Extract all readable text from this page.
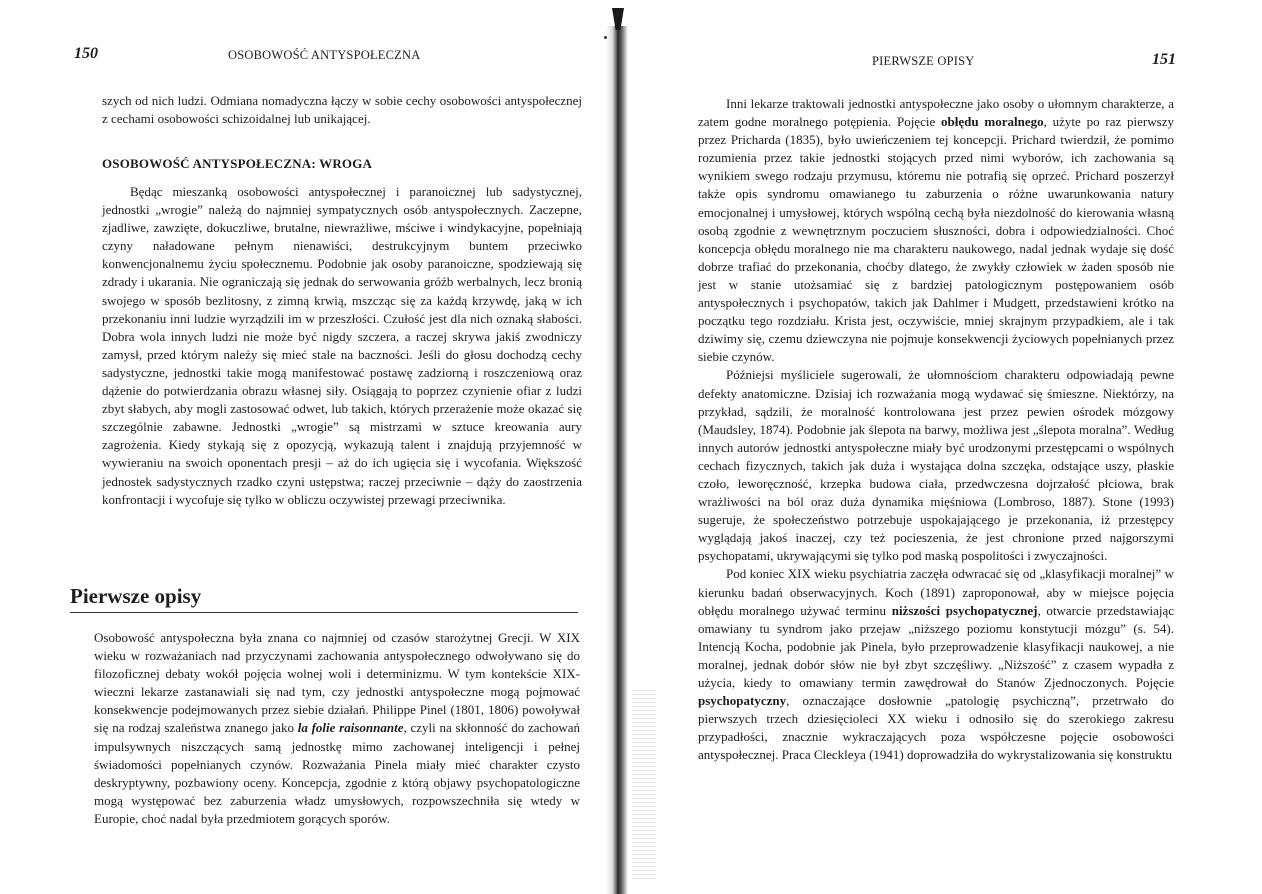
150	OSOBOWOŚĆ ANTYSPOŁECZNA

szych od nich ludzi. Odmiana nomadyczna łączy w sobie cechy osobowości antyspołecznej z cechami osobowości schizoidalnej lub unikającej.

OSOBOWOŚĆ ANTYSPOŁECZNA: WROGA

Będąc mieszanką osobowości antyspołecznej i paranoicznej lub sadystycznej, jednostki „wrogie” należą do najmniej sympatycznych osób antyspołecznych. Zaczepne, zjadliwe, zawzięte, dokuczliwe, brutalne, niewrażliwe, mściwe i windykacyjne, popełniają czyny naładowane pełnym nienawiści, destrukcyjnym buntem przeciwko konwencjonalnemu życiu społecznemu. Podobnie jak osoby paranoiczne, spodziewają się zdrady i ukarania. Nie ograniczają się jednak do serwowania gróźb werbalnych, lecz bronią swojego w sposób bezlitosny, z zimną krwią, mszcząc się za każdą krzywdę, jaką w ich przekonaniu inni ludzie wyrządzili im w przeszłości. Czułość jest dla nich oznaką słabości. Dobra wola innych ludzi nie może być nigdy szczera, a raczej skrywa jakiś zwodniczy zamysł, przed którym należy się mieć stale na baczności. Jeśli do głosu dochodzą cechy sadystyczne, jednostki takie mogą manifestować postawę zadziorną i roszczeniową oraz dążenie do potwierdzania obrazu własnej siły. Osiągają to poprzez czynienie ofiar z ludzi zbyt słabych, aby mogli zastosować odwet, lub takich, których przerażenie może okazać się szczególnie zabawne. Jednostki „wrogie” są mistrzami w sztuce kreowania aury zagrożenia. Kiedy stykają się z opozycją, wykazują talent i znajdują przyjemność w wywieraniu na swoich oponentach presji – aż do ich ugięcia się i wycofania. Większość jednostek sadystycznych rzadko czyni ustępstwa; raczej przeciwnie – dąży do zaostrzenia konfrontacji i wycofuje się tylko w obliczu oczywistej przewagi przeciwnika.

Pierwsze opisy

Osobowość antyspołeczna była znana co najmniej od czasów starożytnej Grecji. W XIX wieku w rozważaniach nad przyczynami zachowania antyspołecznego odwoływano się do filozoficznej debaty wokół pojęcia wolnej woli i determinizmu. W tym kontekście XIX-wieczni lekarze zastanawiali się nad tym, czy jednostki antyspołeczne mogą pojmować konsekwencje podejmowanych przez siebie działań. Philippe Pinel (1801, 1806) powoływał się na rodzaj szaleństwa znanego jako la folie raisonnante, czyli na skłonność do zachowań impulsywnych niszczących samą jednostkę mimo zachowanej inteligencji i pełnej świadomości popełnianych czynów. Rozważania Pinela miały mieć charakter czysto deskryptywny, pozbawiony oceny. Koncepcja, zgodnie z którą objawy psychopatologiczne mogą występować bez zaburzenia władz umysłowych, rozpowszechniła się wtedy w Europie, choć nadal była przedmiotem gorących sporów.

PIERWSZE OPISY	151

Inni lekarze traktowali jednostki antyspołeczne jako osoby o ułomnym charakterze, a zatem godne moralnego potępienia. Pojęcie obłędu moralnego, użyte po raz pierwszy przez Pricharda (1835), było uwieńczeniem tej koncepcji. Prichard twierdził, że pomimo rozumienia przez takie jednostki stojących przed nimi wyborów, ich zachowania są wynikiem swego rodzaju przymusu, któremu nie potrafią się oprzeć. Prichard poszerzył także opis syndromu omawianego tu zaburzenia o różne uwarunkowania natury emocjonalnej i umysłowej, których wspólną cechą była niezdolność do kierowania własną osobą zgodnie z wewnętrznym poczuciem słuszności, dobra i odpowiedzialności. Choć koncepcja obłędu moralnego nie ma charakteru naukowego, nadal jednak wydaje się dość dobrze trafiać do przekonania, choćby dlatego, że zwykły człowiek w żaden sposób nie jest w stanie utożsamiać się z bardziej patologicznym postępowaniem osób antyspołecznych i psychopatów, takich jak Dahlmer i Mudgett, przedstawieni krótko na początku tego rozdziału. Krista jest, oczywiście, mniej skrajnym przypadkiem, ale i tak dziwimy się, czemu dziewczyna nie pojmuje konsekwencji życiowych popełnianych przez siebie czynów.

Późniejsi myśliciele sugerowali, że ułomnościom charakteru odpowiadają pewne defekty anatomiczne. Dzisiaj ich rozważania mogą wydawać się śmieszne. Niektórzy, na przykład, sądzili, że moralność kontrolowana jest przez pewien ośrodek mózgowy (Maudsley, 1874). Podobnie jak ślepota na barwy, możliwa jest „ślepota moralna”. Według innych autorów jednostki antyspołeczne miały być urodzonymi przestępcami o wspólnych cechach fizycznych, takich jak duża i wystająca dolna szczęka, odstające uszy, płaskie czoło, leworęczność, krzepka budowa ciała, przedwczesna dojrzałość płciowa, brak wrażliwości na ból oraz duża dynamika mięśniowa (Lombroso, 1887). Stone (1993) sugeruje, że społeczeństwo potrzebuje uspokajającego je przekonania, iż przestępcy wyglądają jakoś inaczej, czy też pocieszenia, że jest chronione przed najgorszymi psychopatami, ukrywającymi się tylko pod maską pospolitości i zwyczajności.

Pod koniec XIX wieku psychiatria zaczęła odwracać się od „klasyfikacji moralnej” w kierunku badań obserwacyjnych. Koch (1891) zaproponował, aby w miejsce pojęcia obłędu moralnego używać terminu niższości psychopatycznej, otwarcie przedstawiając omawiany tu syndrom jako przejaw „niższego poziomu konstytucji mózgu” (s. 54). Intencją Kocha, podobnie jak Pinela, było przeprowadzenie klasyfikacji naukowej, a nie moralnej, jednak dobór słów nie był zbyt szczęśliwy. „Niższość” z czasem wypadła z użycia, kiedy to omawiany termin zawędrował do Stanów Zjednoczonych. Pojęcie psychopatyczny, oznaczające dosłownie „patologię psychiczną”, przetrwało do pierwszych trzech dziesięcioleci XX wieku i odnosiło się do szerokiego zakresu przypadłości, znacznie wykraczających poza współczesne pojęcie osobowości antyspołecznej. Praca Cleckleya (1941) doprowadziła do wykrystalizowania się konstruktu
